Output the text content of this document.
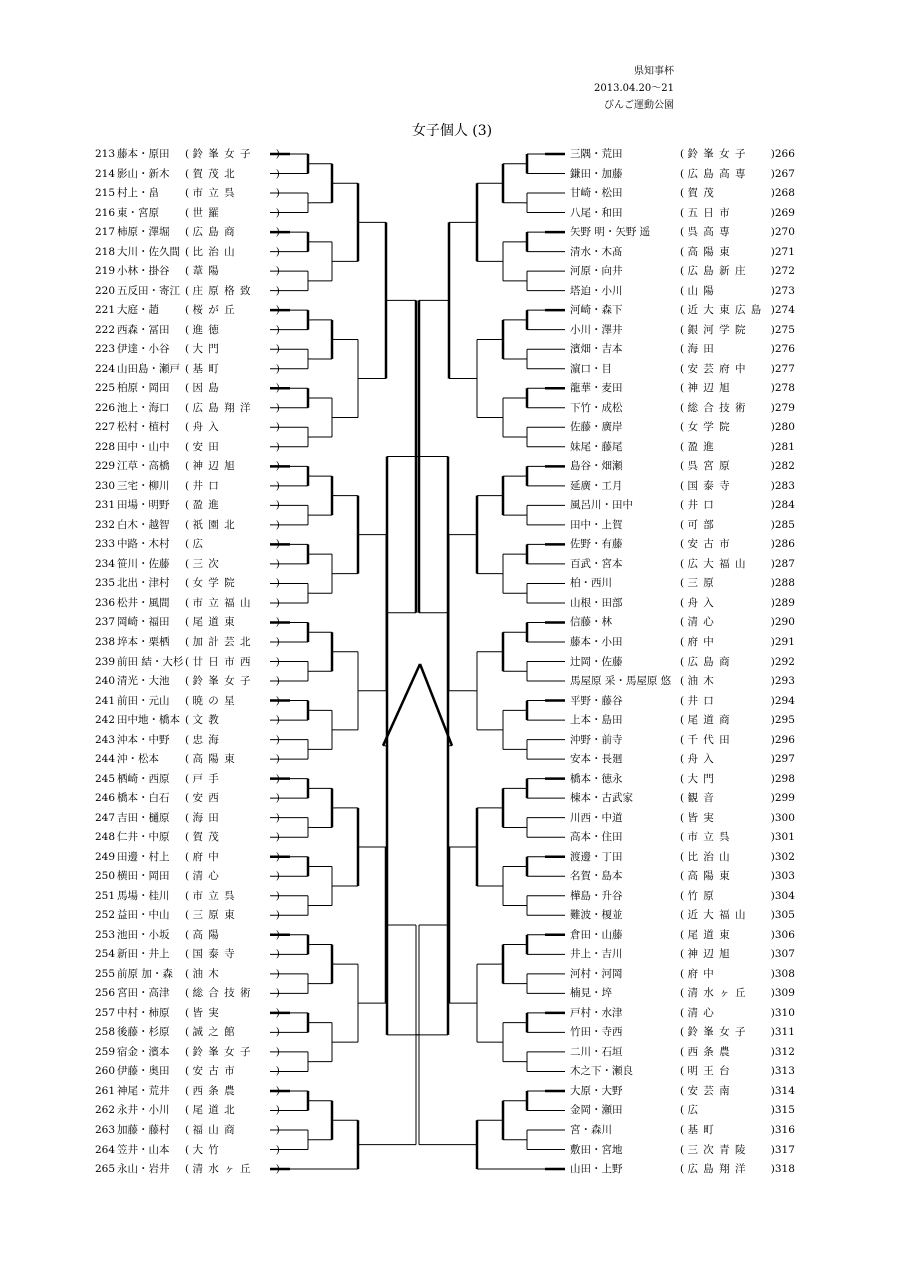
県知事杯
2013.04.20～21
びんご運動公園
女子個人 (3)
213 藤本・原田 ( 鈴 峯 女 子 )
214 影山・新木 ( 賀 茂 北	)
215 村上・畠 ( 市 立 呉	)
216 東・宮原 ( 世 羅	)
217 柿原・澤堀 ( 広 島 商	)
218 大川・佐久間 ( 比 治 山	)
219 小林・掛谷 ( 葦 陽	)
220 五反田・寄江 ( 庄 原 格 致 )
221 大庭・趙 ( 桜 が 丘	)
222 西森・冨田 ( 進 徳	)
223 伊達・小谷 ( 大 門	)
224 山田島・瀬戸 ( 基 町	)
225 柏原・岡田 ( 因 島	)
226 池上・海口 ( 広 島 翔 洋 )
227 松村・植村 ( 舟 入	)
228 田中・山中 ( 安 田	)
229 江草・高橋 ( 神 辺 旭	)
230 三宅・柳川 ( 井 口	)
231 田場・明野 ( 盈 進	)
232 白木・越智 ( 祇 園 北	)
233 中路・木村 ( 広	)
234 笹川・佐藤 ( 三 次	)
235 北出・津村 ( 女 学 院	)
236 松井・風間 ( 市 立 福 山 )
237 岡崎・福田 ( 尾 道 東	)
238 埣本・栗栖 ( 加 計 芸 北 )
239 前田 結・大杉 ( 廿 日 市 西 )
240 清光・大池 ( 鈴 峯 女 子 )
241 前田・元山 ( 暁 の 星	)
242 田中地・橋本 ( 文 教	)
243 沖本・中野 ( 忠 海	)
244 沖・松本 ( 高 陽 東	)
245 栖崎・西原 ( 戸 手	)
246 橋本・白石 ( 安 西	)
247 吉田・樋原 ( 海 田	)
248 仁井・中原 ( 賀 茂	)
249 田邊・村上 ( 府 中	)
250 横田・岡田 ( 清 心	)
251 馬場・桂川 ( 市 立 呉	)
252 益田・中山 ( 三 原 東	)
253 池田・小坂 ( 高 陽	)
254 新田・井上 ( 国 泰 寺	)
255 前原 加・森 ( 油 木	)
256 宮田・高津 ( 総 合 技 術 )
257 中村・柿原 ( 皆 実	)
258 後藤・杉原 ( 誠 之 館	)
259 宿金・濱本 ( 鈴 峯 女 子 )
260 伊藤・奥田 ( 安 古 市	)
261 神尾・荒井 ( 西 条 農	)
262 永井・小川 ( 尾 道 北	)
263 加藤・藤村 ( 福 山 商	)
264 笠井・山本 ( 大 竹	)
265 永山・岩井 ( 清 水 ヶ 丘 )
三隅・荒田	( 鈴 峯 女 子 )266
鎌田・加藤	( 広 島 高 専 )267
甘崎・松田	( 賀 茂	)268
八尾・和田	( 五 日 市	)269
矢野 明・矢野 遥	( 呉 高 専	)270
清水・木髙	( 高 陽 東	)271
河原・向井	( 広 島 新 庄 )272
塔迫・小川	( 山 陽	)273
河崎・森下	( 近 大 東 広 島 )274
小川・澤井	( 銀 河 学 院 )275
濱畑・吉本	( 海 田	)276
濵口・目	( 安 芸 府 中 )277
龍華・麦田	( 神 辺 旭	)278
下竹・成松	( 総 合 技 術 )279
佐藤・廣岸	( 女 学 院	)280
妹尾・藤尾	( 盈 進	)281
島谷・畑瀬	( 呉 宮 原	)282
延廣・工月	( 国 泰 寺	)283
風呂川・田中	( 井 口	)284
田中・上賀	( 可 部	)285
佐野・有藤	( 安 古 市	)286
百武・宮本	( 広 大 福 山 )287
柏・西川	( 三 原	)288
山根・田部	( 舟 入	)289
信藤・林	( 清 心	)290
藤本・小田	( 府 中	)291
辻岡・佐藤	( 広 島 商	)292
馬屋原 采・馬屋原 悠 ( 油 木	)293
平野・藤谷	( 井 口	)294
上本・島田	( 尾 道 商	)295
沖野・前寺	( 千 代 田	)296
安本・長廻	( 舟 入	)297
橋本・徳永	( 大 門	)298
棟本・古武家	( 観 音	)299
川西・中道	( 皆 実	)300
高本・住田	( 市 立 呉	)301
渡邊・丁田	( 比 治 山	)302
名賀・島本	( 高 陽 東	)303
樺島・升谷	( 竹 原	)304
難波・榎並	( 近 大 福 山 )305
倉田・山藤	( 尾 道 東	)306
井上・吉川	( 神 辺 旭	)307
河村・河岡	( 府 中	)308
楠見・埣	( 清 水 ヶ 丘 )309
戸村・水津	( 清 心	)310
竹田・寺西	( 鈴 峯 女 子 )311
二川・石垣	( 西 条 農	)312
木之下・瀬良	( 明 王 台	)313
大原・大野	( 安 芸 南	)314
金岡・瀬田	( 広	)315
宮・森川	( 基 町	)316
敷田・宮地	( 三 次 青 陵 )317
山田・上野	( 広 島 翔 洋 )318
